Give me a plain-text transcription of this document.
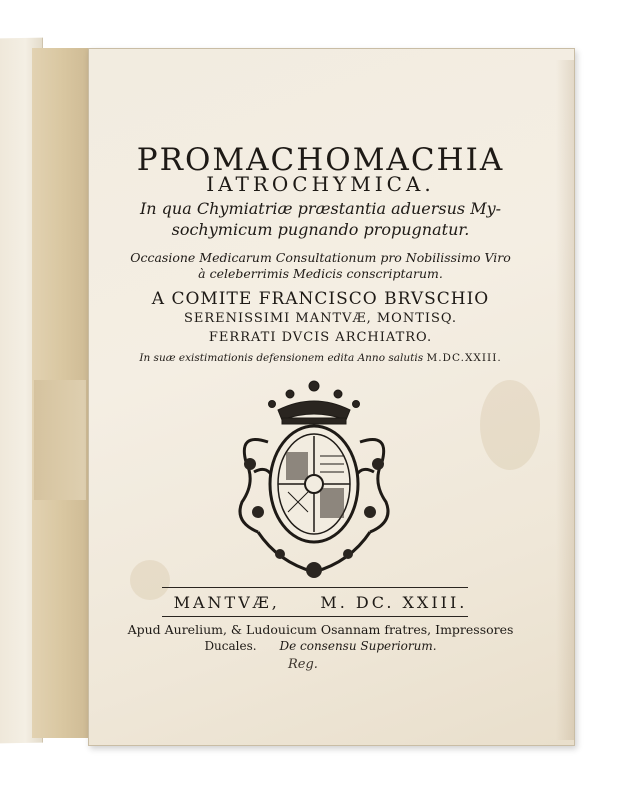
PROMACHOMACHIA
IATROCHYMICA.
In qua Chymiatriæ præstantia aduersus My-
sochymicum pugnando propugnatur.
Occasione Medicarum Consultationum pro Nobilissimo Viro
à celeberrimis Medicis conscriptarum.
A COMITE FRANCISCO BRVSCHIO
SERENISSIMI MANTVÆ, MONTISQ.
FERRATI DVCIS ARCHIATRO.
In suæ existimationis defensionem edita Anno salutis M.DC.XXIII.
MANTVÆ,	M. DC. XXIII.
Apud Aurelium, & Ludouicum Osannam fratres, Impressores
Ducales. De consensu Superiorum.
Reg.
